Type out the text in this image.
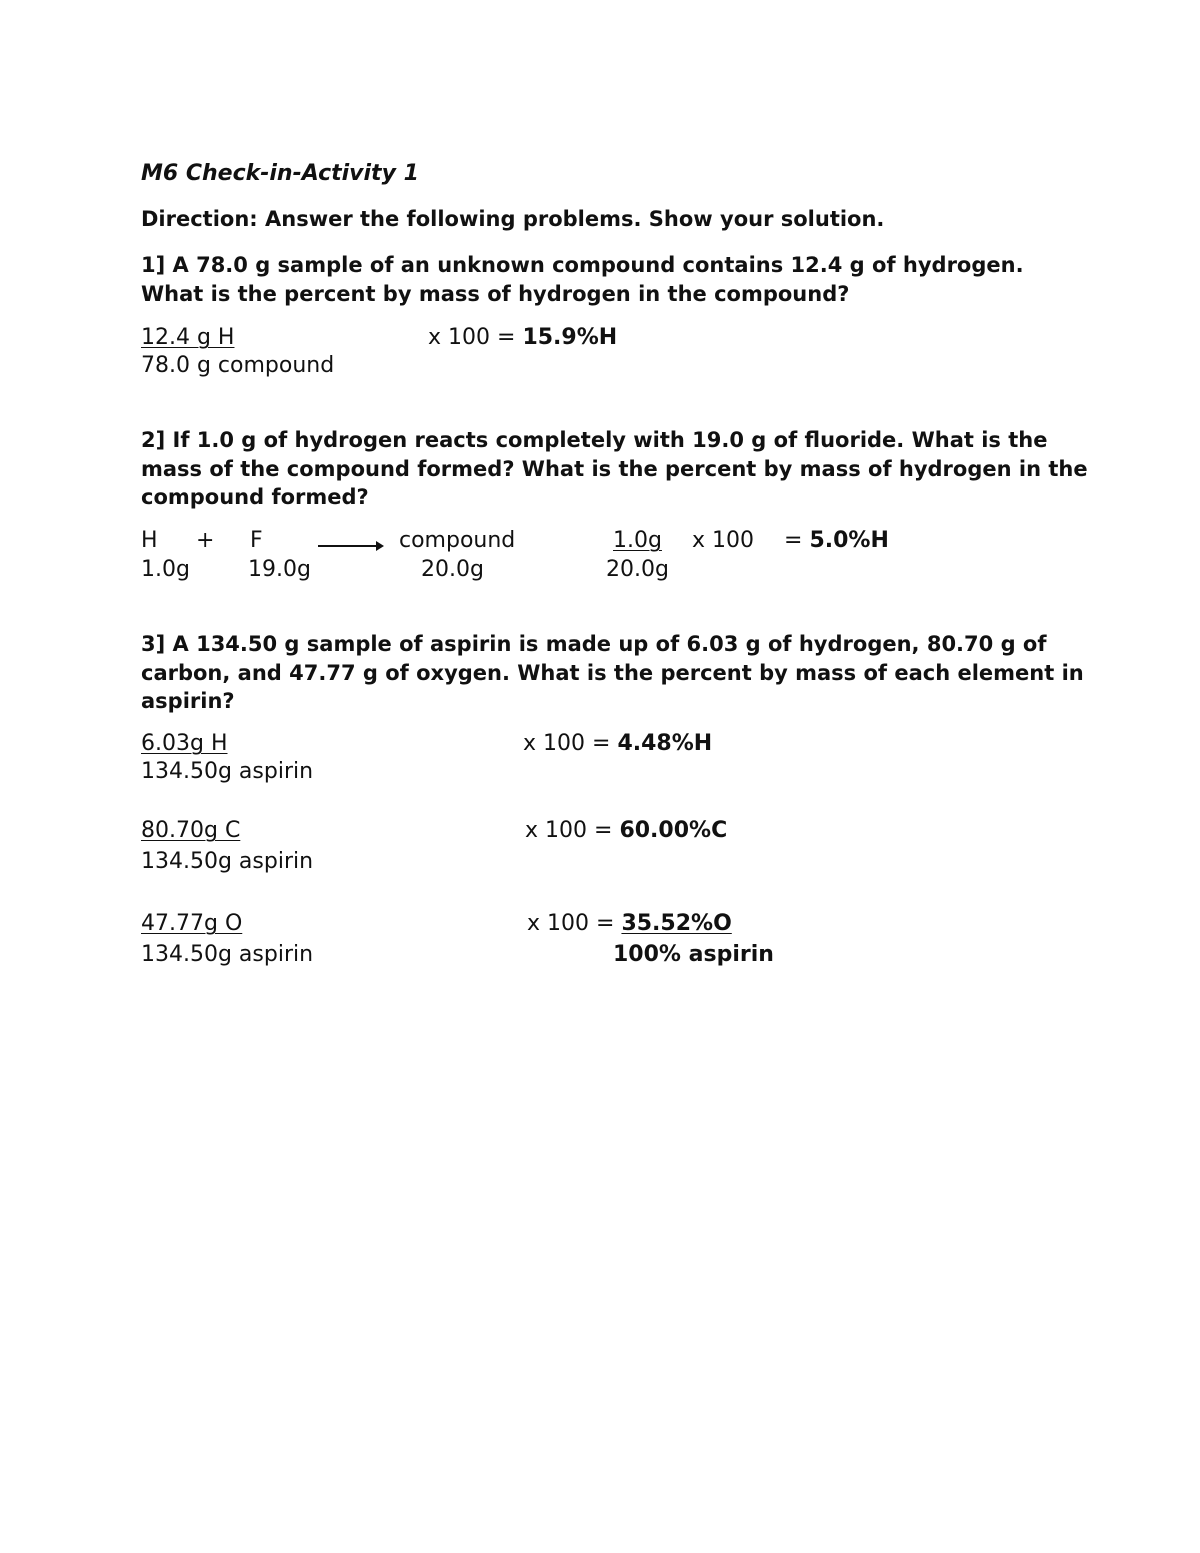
M6 Check-in-Activity 1
Direction: Answer the following problems. Show your solution.
1] A 78.0 g sample of an unknown compound contains 12.4 g of hydrogen.
What is the percent by mass of hydrogen in the compound?
12.4 g H
78.0 g compound
x 100 = 15.9%H
2] If 1.0 g of hydrogen reacts completely with 19.0 g of fluoride. What is the
mass of the compound formed? What is the percent by mass of hydrogen in the
compound formed?
H + F	→ compound	1.0g x 100 = 5.0%H
1.0g	19.0g	20.0g	20.0g
3] A 134.50 g sample of aspirin is made up of 6.03 g of hydrogen, 80.70 g of
carbon, and 47.77 g of oxygen. What is the percent by mass of each element in
aspirin?
6.03g H
134.50g aspirin
x 100 = 4.48%H
80.70g C
134.50g aspirin
x 100 = 60.00%C
47.77g O
134.50g aspirin
x 100 = 35.52%O
100% aspirin
